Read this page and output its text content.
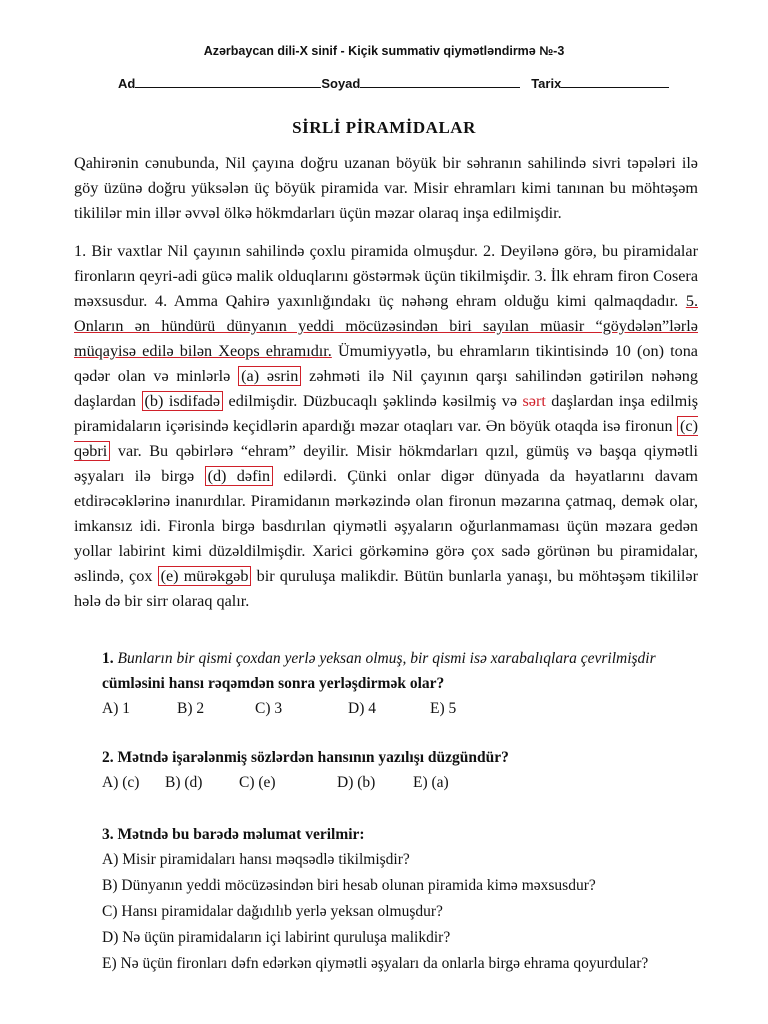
Azərbaycan dili-X sinif - Kiçik summativ qiymətləndirmə №-3
Ad	Soyad	Tarix
SİRLİ PİRAMİDALAR
Qahirənin cənubunda, Nil çayına doğru uzanan böyük bir səhranın sahilində sivri təpələri ilə göy üzünə doğru yüksələn üç böyük piramida var. Misir ehramları kimi tanınan bu möhtəşəm tikililər min illər əvvəl ölkə hökmdarları üçün məzar olaraq inşa edilmişdir.
1. Bir vaxtlar Nil çayının sahilində çoxlu piramida olmuşdur. 2. Deyilənə görə, bu piramidalar fironların qeyri-adi gücə malik olduqlarını göstərmək üçün tikilmişdir. 3. İlk ehram firon Cosera məxsusdur. 4. Amma Qahirə yaxınlığındakı üç nəhəng ehram olduğu kimi qalmaqdadır. 5. Onların ən hündürü dünyanın yeddi möcüzəsindən biri sayılan müasir “göydələn”lərlə müqayisə edilə bilən Xeops ehramıdır. Ümumiyyətlə, bu ehramların tikintisində 10 (on) tona qədər olan və minlərlə (a) əsrin zəhməti ilə Nil çayının qarşı sahilindən gətirilən nəhəng daşlardan (b) isdifadə edilmişdir. Düzbucaqlı şəklində kəsilmiş və sərt daşlardan inşa edilmiş piramidaların içərisində keçidlərin apardığı məzar otaqları var. Ən böyük otaqda isə fironun (c) qəbri var. Bu qəbirlərə “ehram” deyilir. Misir hökmdarları qızıl, gümüş və başqa qiymətli əşyaları ilə birgə (d) dəfin edilərdi. Çünki onlar digər dünyada da həyatlarını davam etdirəcəklərinə inanırdılar. Piramidanın mərkəzində olan fironun məzarına çatmaq, demək olar, imkansız idi. Fironla birgə basdırılan qiymətli əşyaların oğurlanmaması üçün məzara gedən yollar labirint kimi düzəldilmişdir. Xarici görkəminə görə çox sadə görünən bu piramidalar, əslində, çox (e) mürəkgəb bir quruluşa malikdir. Bütün bunlarla yanaşı, bu möhtəşəm tikililər hələ də bir sirr olaraq qalır.
1. Bunların bir qismi çoxdan yerlə yeksan olmuş, bir qismi isə xarabalıqlara çevrilmişdir
cümləsini hansı rəqəmdən sonra yerləşdirmək olar?
A) 1	B) 2	C) 3	D) 4	E) 5
2. Mətndə işarələnmiş sözlərdən hansının yazılışı düzgündür?
A) (c)	B) (d)	C) (e)	D) (b)	E) (a)
3. Mətndə bu barədə məlumat verilmir:
A) Misir piramidaları hansı məqsədlə tikilmişdir?
B) Dünyanın yeddi möcüzəsindən biri hesab olunan piramida kimə məxsusdur?
C) Hansı piramidalar dağıdılıb yerlə yeksan olmuşdur?
D) Nə üçün piramidaların içi labirint quruluşa malikdir?
E) Nə üçün fironları dəfn edərkən qiymətli əşyaları da onlarla birgə ehrama qoyurdular?
